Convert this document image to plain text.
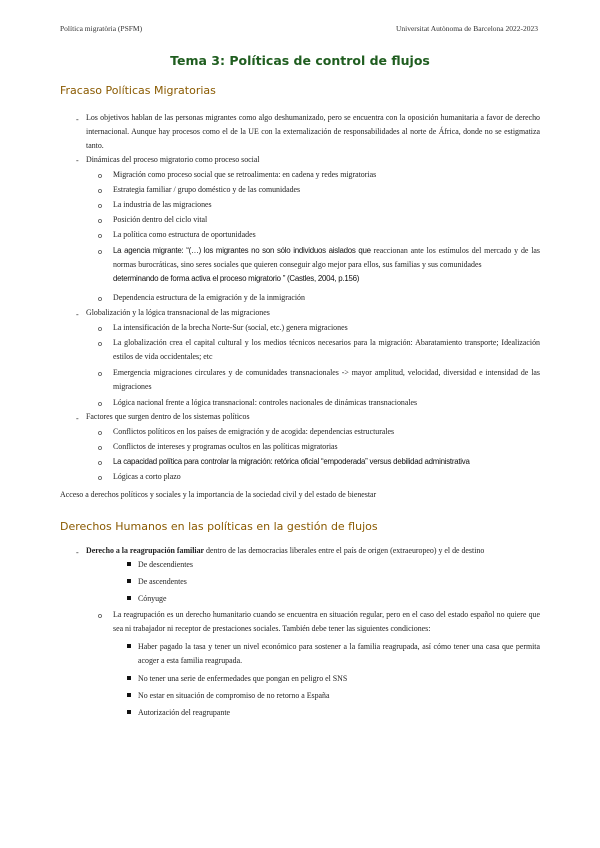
Política migratòria (PSFM)	Universitat Autònoma de Barcelona 2022-2023
Tema 3: Políticas de control de flujos
Fracaso Políticas Migratorias
- Los objetivos hablan de las personas migrantes como algo deshumanizado, pero se encuentra con la oposición humanitaria a favor de derecho internacional. Aunque hay procesos como el de la UE con la externalización de responsabilidades al norte de África, donde no se estigmatiza tanto.
- Dinámicas del proceso migratorio como proceso social
o Migración como proceso social que se retroalimenta: en cadena y redes migratorias
o Estrategia familiar / grupo doméstico y de las comunidades
o La industria de las migraciones
o Posición dentro del ciclo vital
o La política como estructura de oportunidades
o La agencia migrante: “(…) los migrantes no son sólo individuos aislados que reaccionan ante los estímulos del mercado y de las normas burocráticas, sino seres sociales que quieren conseguir algo mejor para ellos, sus familias y sus comunidades
determinando de forma activa el proceso migratorio ” (Castles, 2004, p.156)
o Dependencia estructura de la emigración y de la inmigración
- Globalización y la lógica transnacional de las migraciones
o La intensificación de la brecha Norte-Sur (social, etc.) genera migraciones
o La globalización crea el capital cultural y los medios técnicos necesarios para la migración: Abaratamiento transporte; Idealización estilos de vida occidentales; etc
o Emergencia migraciones circulares y de comunidades transnacionales -> mayor amplitud, velocidad, diversidad e intensidad de las migraciones
o Lógica nacional frente a lógica transnacional: controles nacionales de dinámicas transnacionales
- Factores que surgen dentro de los sistemas políticos
o Conflictos políticos en los países de emigración y de acogida: dependencias estructurales
o Conflictos de intereses y programas ocultos en las políticas migratorias
o La capacidad política para controlar la migración: retórica oficial “empoderada” versus debilidad administrativa
o Lógicas a corto plazo
Acceso a derechos políticos y sociales y la importancia de la sociedad civil y del estado de bienestar
Derechos Humanos en las políticas en la gestión de flujos
- Derecho a la reagrupación familiar dentro de las democracias liberales entre el país de origen (extraeuropeo) y el de destino
De descendientes
De ascendentes
Cónyuge
o La reagrupación es un derecho humanitario cuando se encuentra en situación regular, pero en el caso del estado español no quiere que sea ni trabajador ni receptor de prestaciones sociales. También debe tener las siguientes condiciones:
Haber pagado la tasa y tener un nivel económico para sostener a la familia reagrupada, así cómo tener una casa que permita acoger a esta familia reagrupada.
No tener una serie de enfermedades que pongan en peligro el SNS
No estar en situación de compromiso de no retorno a España
Autorización del reagrupante
